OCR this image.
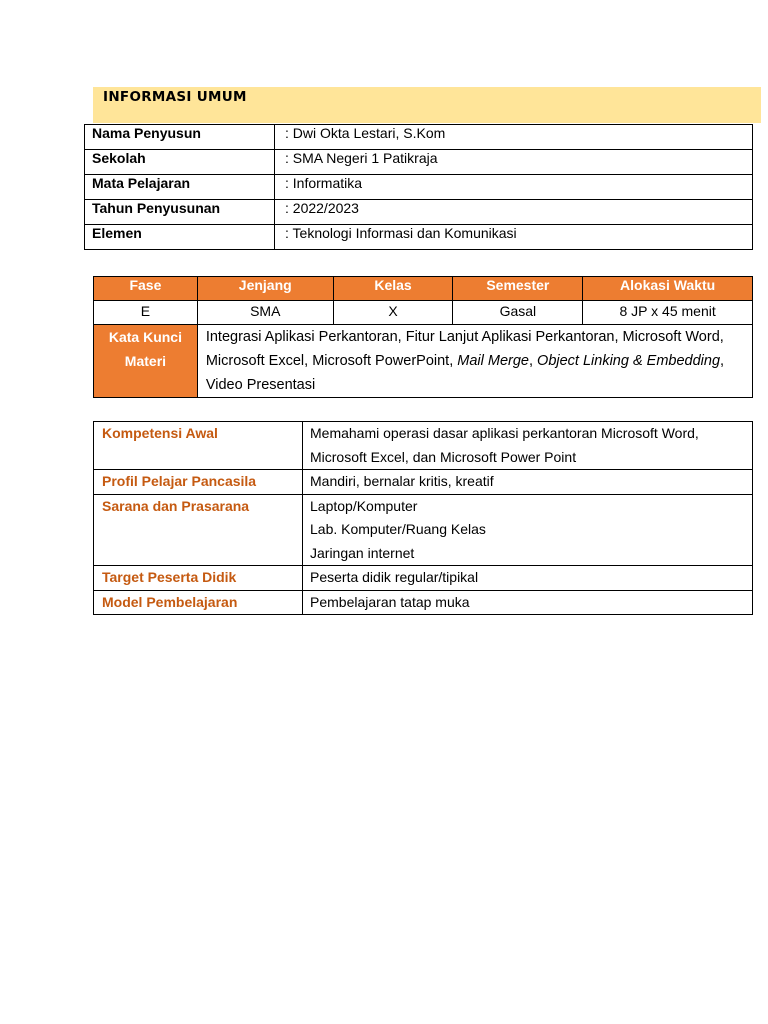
INFORMASI UMUM
Nama Penyusun	: Dwi Okta Lestari, S.Kom
Sekolah	: SMA Negeri 1 Patikraja
Mata Pelajaran	: Informatika
Tahun Penyusunan	: 2022/2023
Elemen	: Teknologi Informasi dan Komunikasi
Fase	Jenjang	Kelas	Semester	Alokasi Waktu
E	SMA	X	Gasal	8 JP x 45 menit
Kata Kunci
Materi	Integrasi Aplikasi Perkantoran, Fitur Lanjut Aplikasi Perkantoran, Microsoft Word, Microsoft Excel, Microsoft PowerPoint, Mail Merge, Object Linking & Embedding, Video Presentasi			
Kompetensi Awal	Memahami operasi dasar aplikasi perkantoran Microsoft Word, Microsoft Excel, dan Microsoft Power Point
Profil Pelajar Pancasila	Mandiri, bernalar kritis, kreatif
Sarana dan Prasarana	Laptop/Komputer
Lab. Komputer/Ruang Kelas
Jaringan internet

Target Peserta Didik	Peserta didik regular/tipikal
Model Pembelajaran	Pembelajaran tatap muka
